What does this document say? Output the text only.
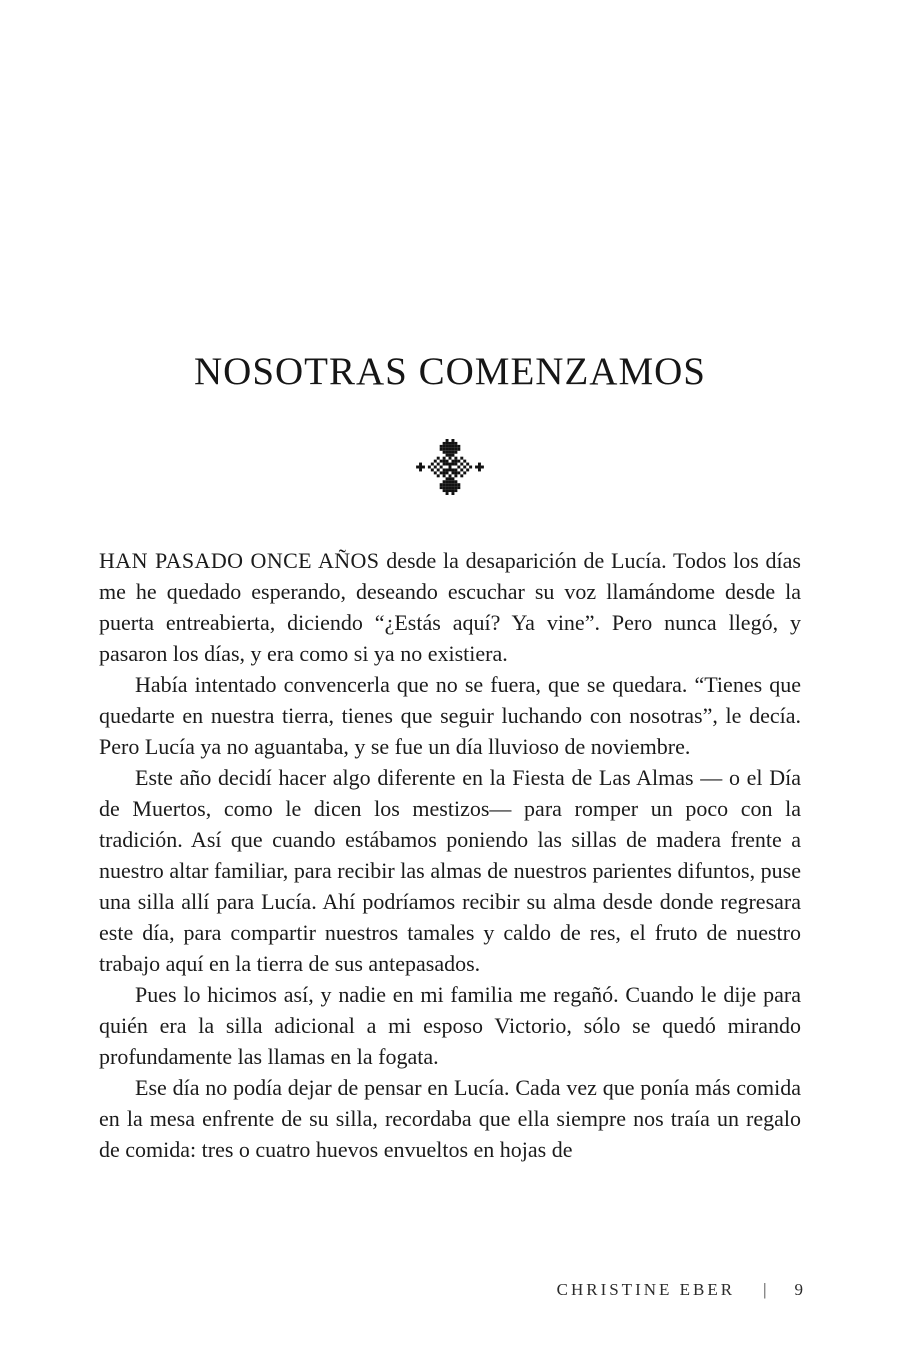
NOSOTRAS COMENZAMOS

HAN PASADO ONCE AÑOS desde la desaparición de Lucía. Todos los días me he quedado esperando, deseando escuchar su voz llamándome desde la puerta entreabierta, diciendo “¿Estás aquí? Ya vine”. Pero nunca llegó, y pasaron los días, y era como si ya no existiera.

Había intentado convencerla que no se fuera, que se quedara. “Tienes que quedarte en nuestra tierra, tienes que seguir luchando con nosotras”, le decía. Pero Lucía ya no aguantaba, y se fue un día lluvioso de noviembre.

Este año decidí hacer algo diferente en la Fiesta de Las Almas — o el Día de Muertos, como le dicen los mestizos— para romper un poco con la tradición. Así que cuando estábamos poniendo las sillas de madera frente a nuestro altar familiar, para recibir las almas de nuestros parientes difuntos, puse una silla allí para Lucía. Ahí podríamos recibir su alma desde donde regresara este día, para compartir nuestros tamales y caldo de res, el fruto de nuestro trabajo aquí en la tierra de sus antepasados.

Pues lo hicimos así, y nadie en mi familia me regañó. Cuando le dije para quién era la silla adicional a mi esposo Victorio, sólo se quedó mirando profundamente las llamas en la fogata.

Ese día no podía dejar de pensar en Lucía. Cada vez que ponía más comida en la mesa enfrente de su silla, recordaba que ella siempre nos traía un regalo de comida: tres o cuatro huevos envueltos en hojas de

CHRISTINE EBER | 9
